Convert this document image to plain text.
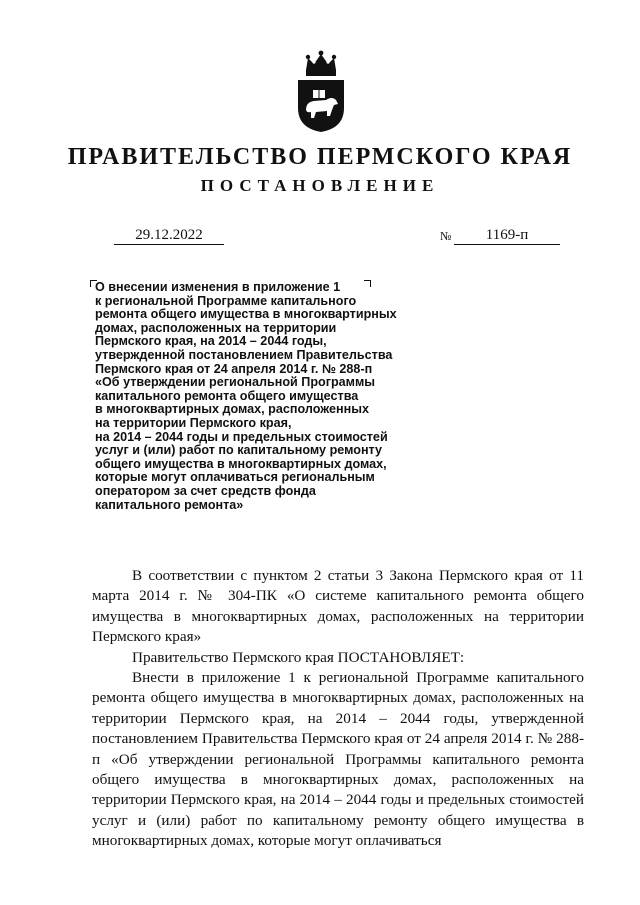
ПРАВИТЕЛЬСТВО ПЕРМСКОГО КРАЯ
ПОСТАНОВЛЕНИЕ
29.12.2022	№	1169-п
О внесении изменения в приложение 1
к региональной Программе капитального
ремонта общего имущества в многоквартирных
домах, расположенных на территории
Пермского края, на 2014 – 2044 годы,
утвержденной постановлением Правительства
Пермского края от 24 апреля 2014 г. № 288-п
«Об утверждении региональной Программы
капитального ремонта общего имущества
в многоквартирных домах, расположенных
на территории Пермского края,
на 2014 – 2044 годы и предельных стоимостей
услуг и (или) работ по капитальному ремонту
общего имущества в многоквартирных домах,
которые могут оплачиваться региональным
оператором за счет средств фонда
капитального ремонта»

В соответствии с пунктом 2 статьи 3 Закона Пермского края от 11 марта 2014 г. № 304-ПК «О системе капитального ремонта общего имущества в многоквартирных домах, расположенных на территории Пермского края»

Правительство Пермского края ПОСТАНОВЛЯЕТ:

Внести в приложение 1 к региональной Программе капитального ремонта общего имущества в многоквартирных домах, расположенных на территории Пермского края, на 2014 – 2044 годы, утвержденной постановлением Правительства Пермского края от 24 апреля 2014 г. № 288-п «Об утверждении региональной Программы капитального ремонта общего имущества в многоквартирных домах, расположенных на территории Пермского края, на 2014 – 2044 годы и предельных стоимостей услуг и (или) работ по капитальному ремонту общего имущества в многоквартирных домах, которые могут оплачиваться
